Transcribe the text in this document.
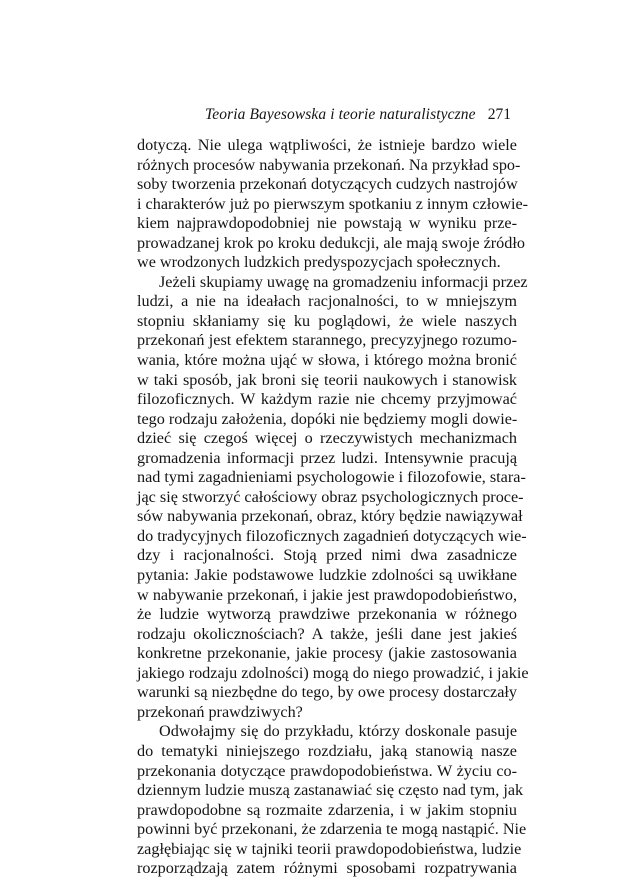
Teoria Bayesowska i teorie naturalistyczne 271
dotyczą. Nie ulega wątpliwości, że istnieje bardzo wiele
różnych procesów nabywania przekonań. Na przykład spo-
soby tworzenia przekonań dotyczących cudzych nastrojów
i charakterów już po pierwszym spotkaniu z innym człowie-
kiem najprawdopodobniej nie powstają w wyniku prze-
prowadzanej krok po kroku dedukcji, ale mają swoje źródło
we wrodzonych ludzkich predyspozycjach społecznych.
Jeżeli skupiamy uwagę na gromadzeniu informacji przez
ludzi, a nie na ideałach racjonalności, to w mniejszym
stopniu skłaniamy się ku poglądowi, że wiele naszych
przekonań jest efektem starannego, precyzyjnego rozumo-
wania, które można ująć w słowa, i którego można bronić
w taki sposób, jak broni się teorii naukowych i stanowisk
filozoficznych. W każdym razie nie chcemy przyjmować
tego rodzaju założenia, dopóki nie będziemy mogli dowie-
dzieć się czegoś więcej o rzeczywistych mechanizmach
gromadzenia informacji przez ludzi. Intensywnie pracują
nad tymi zagadnieniami psychologowie i filozofowie, stara-
jąc się stworzyć całościowy obraz psychologicznych proce-
sów nabywania przekonań, obraz, który będzie nawiązywał
do tradycyjnych filozoficznych zagadnień dotyczących wie-
dzy i racjonalności. Stoją przed nimi dwa zasadnicze
pytania: Jakie podstawowe ludzkie zdolności są uwikłane
w nabywanie przekonań, i jakie jest prawdopodobieństwo,
że ludzie wytworzą prawdziwe przekonania w różnego
rodzaju okolicznościach? A także, jeśli dane jest jakieś
konkretne przekonanie, jakie procesy (jakie zastosowania
jakiego rodzaju zdolności) mogą do niego prowadzić, i jakie
warunki są niezbędne do tego, by owe procesy dostarczały
przekonań prawdziwych?
Odwołajmy się do przykładu, którzy doskonale pasuje
do tematyki niniejszego rozdziału, jaką stanowią nasze
przekonania dotyczące prawdopodobieństwa. W życiu co-
dziennym ludzie muszą zastanawiać się często nad tym, jak
prawdopodobne są rozmaite zdarzenia, i w jakim stopniu
powinni być przekonani, że zdarzenia te mogą nastąpić. Nie
zagłębiając się w tajniki teorii prawdopodobieństwa, ludzie
rozporządzają zatem różnymi sposobami rozpatrywania
